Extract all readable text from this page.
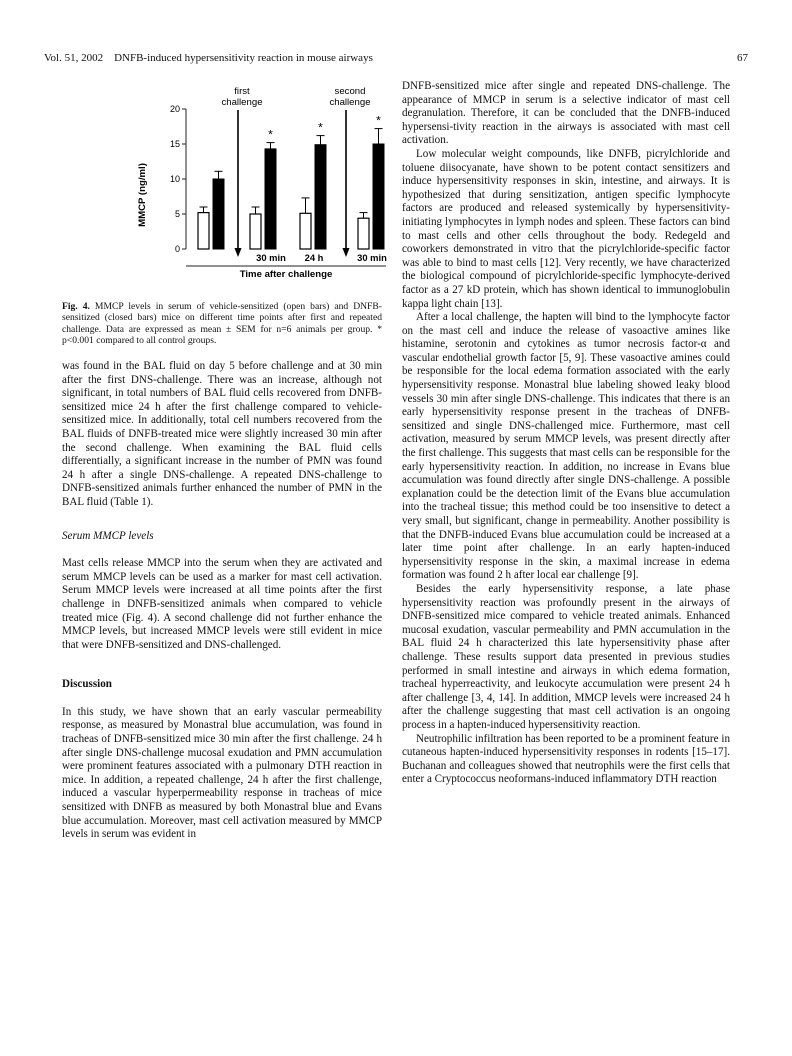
Vol. 51, 2002 DNFB-induced hypersensitivity reaction in mouse airways	67
first
challenge
second
challenge
MMCP (ng/ml)
0
5
10
15
20
*	*	*
30 min 24 h	30 min
Time after challenge

Fig. 4. MMCP levels in serum of vehicle-sensitized (open bars) and DNFB-sensitized (closed bars) mice on different time points after first and repeated challenge. Data are expressed as mean ± SEM for n=6 animals per group. * p<0.001 compared to all control groups.

was found in the BAL fluid on day 5 before challenge and at 30 min after the first DNS-challenge. There was an increase, although not significant, in total numbers of BAL fluid cells recovered from DNFB-sensitized mice 24 h after the first challenge compared to vehicle-sensitized mice. In additionally, total cell numbers recovered from the BAL fluids of DNFB-treated mice were slightly increased 30 min after the second challenge. When examining the BAL fluid cells differentially, a significant increase in the number of PMN was found 24 h after a single DNS-challenge. A repeated DNS-challenge to DNFB-sensitized animals further enhanced the number of PMN in the BAL fluid (Table 1).

Serum MMCP levels

Mast cells release MMCP into the serum when they are activated and serum MMCP levels can be used as a marker for mast cell activation. Serum MMCP levels were increased at all time points after the first challenge in DNFB-sensitized animals when compared to vehicle treated mice (Fig. 4). A second challenge did not further enhance the MMCP levels, but increased MMCP levels were still evident in mice that were DNFB-sensitized and DNS-challenged.

Discussion

In this study, we have shown that an early vascular permeability response, as measured by Monastral blue accumulation, was found in tracheas of DNFB-sensitized mice 30 min after the first challenge. 24 h after single DNS-challenge mucosal exudation and PMN accumulation were prominent features associated with a pulmonary DTH reaction in mice. In addition, a repeated challenge, 24 h after the first challenge, induced a vascular hyperpermeability response in tracheas of mice sensitized with DNFB as measured by both Monastral blue and Evans blue accumulation. Moreover, mast cell activation measured by MMCP levels in serum was evident in

DNFB-sensitized mice after single and repeated DNS-challenge. The appearance of MMCP in serum is a selective indicator of mast cell degranulation. Therefore, it can be concluded that the DNFB-induced hypersensi-tivity reaction in the airways is associated with mast cell activation.

Low molecular weight compounds, like DNFB, picrylchloride and toluene diisocyanate, have shown to be potent contact sensitizers and induce hypersensitivity responses in skin, intestine, and airways. It is hypothesized that during sensitization, antigen specific lymphocyte factors are produced and released systemically by hypersensitivity-initiating lymphocytes in lymph nodes and spleen. These factors can bind to mast cells and other cells throughout the body. Redegeld and coworkers demonstrated in vitro that the picrylchloride-specific factor was able to bind to mast cells [12]. Very recently, we have characterized the biological compound of picrylchloride-specific lymphocyte-derived factor as a 27 kD protein, which has shown identical to immunoglobulin kappa light chain [13].

After a local challenge, the hapten will bind to the lymphocyte factor on the mast cell and induce the release of vasoactive amines like histamine, serotonin and cytokines as tumor necrosis factor-α and vascular endothelial growth factor [5, 9]. These vasoactive amines could be responsible for the local edema formation associated with the early hypersensitivity response. Monastral blue labeling showed leaky blood vessels 30 min after single DNS-challenge. This indicates that there is an early hypersensitivity response present in the tracheas of DNFB-sensitized and single DNS-challenged mice. Furthermore, mast cell activation, measured by serum MMCP levels, was present directly after the first challenge. This suggests that mast cells can be responsible for the early hypersensitivity reaction. In addition, no increase in Evans blue accumulation was found directly after single DNS-challenge. A possible explanation could be the detection limit of the Evans blue accumulation into the tracheal tissue; this method could be too insensitive to detect a very small, but significant, change in permeability. Another possibility is that the DNFB-induced Evans blue accumulation could be increased at a later time point after challenge. In an early hapten-induced hypersensitivity response in the skin, a maximal increase in edema formation was found 2 h after local ear challenge [9].

Besides the early hypersensitivity response, a late phase hypersensitivity reaction was profoundly present in the airways of DNFB-sensitized mice compared to vehicle treated animals. Enhanced mucosal exudation, vascular permeability and PMN accumulation in the BAL fluid 24 h characterized this late hypersensitivity phase after challenge. These results support data presented in previous studies performed in small intestine and airways in which edema formation, tracheal hyperreactivity, and leukocyte accumulation were present 24 h after challenge [3, 4, 14]. In addition, MMCP levels were increased 24 h after the challenge suggesting that mast cell activation is an ongoing process in a hapten-induced hypersensitivity reaction.

Neutrophilic infiltration has been reported to be a prominent feature in cutaneous hapten-induced hypersensitivity responses in rodents [15–17]. Buchanan and colleagues showed that neutrophils were the first cells that enter a Cryptococcus neoformans-induced inflammatory DTH reaction
